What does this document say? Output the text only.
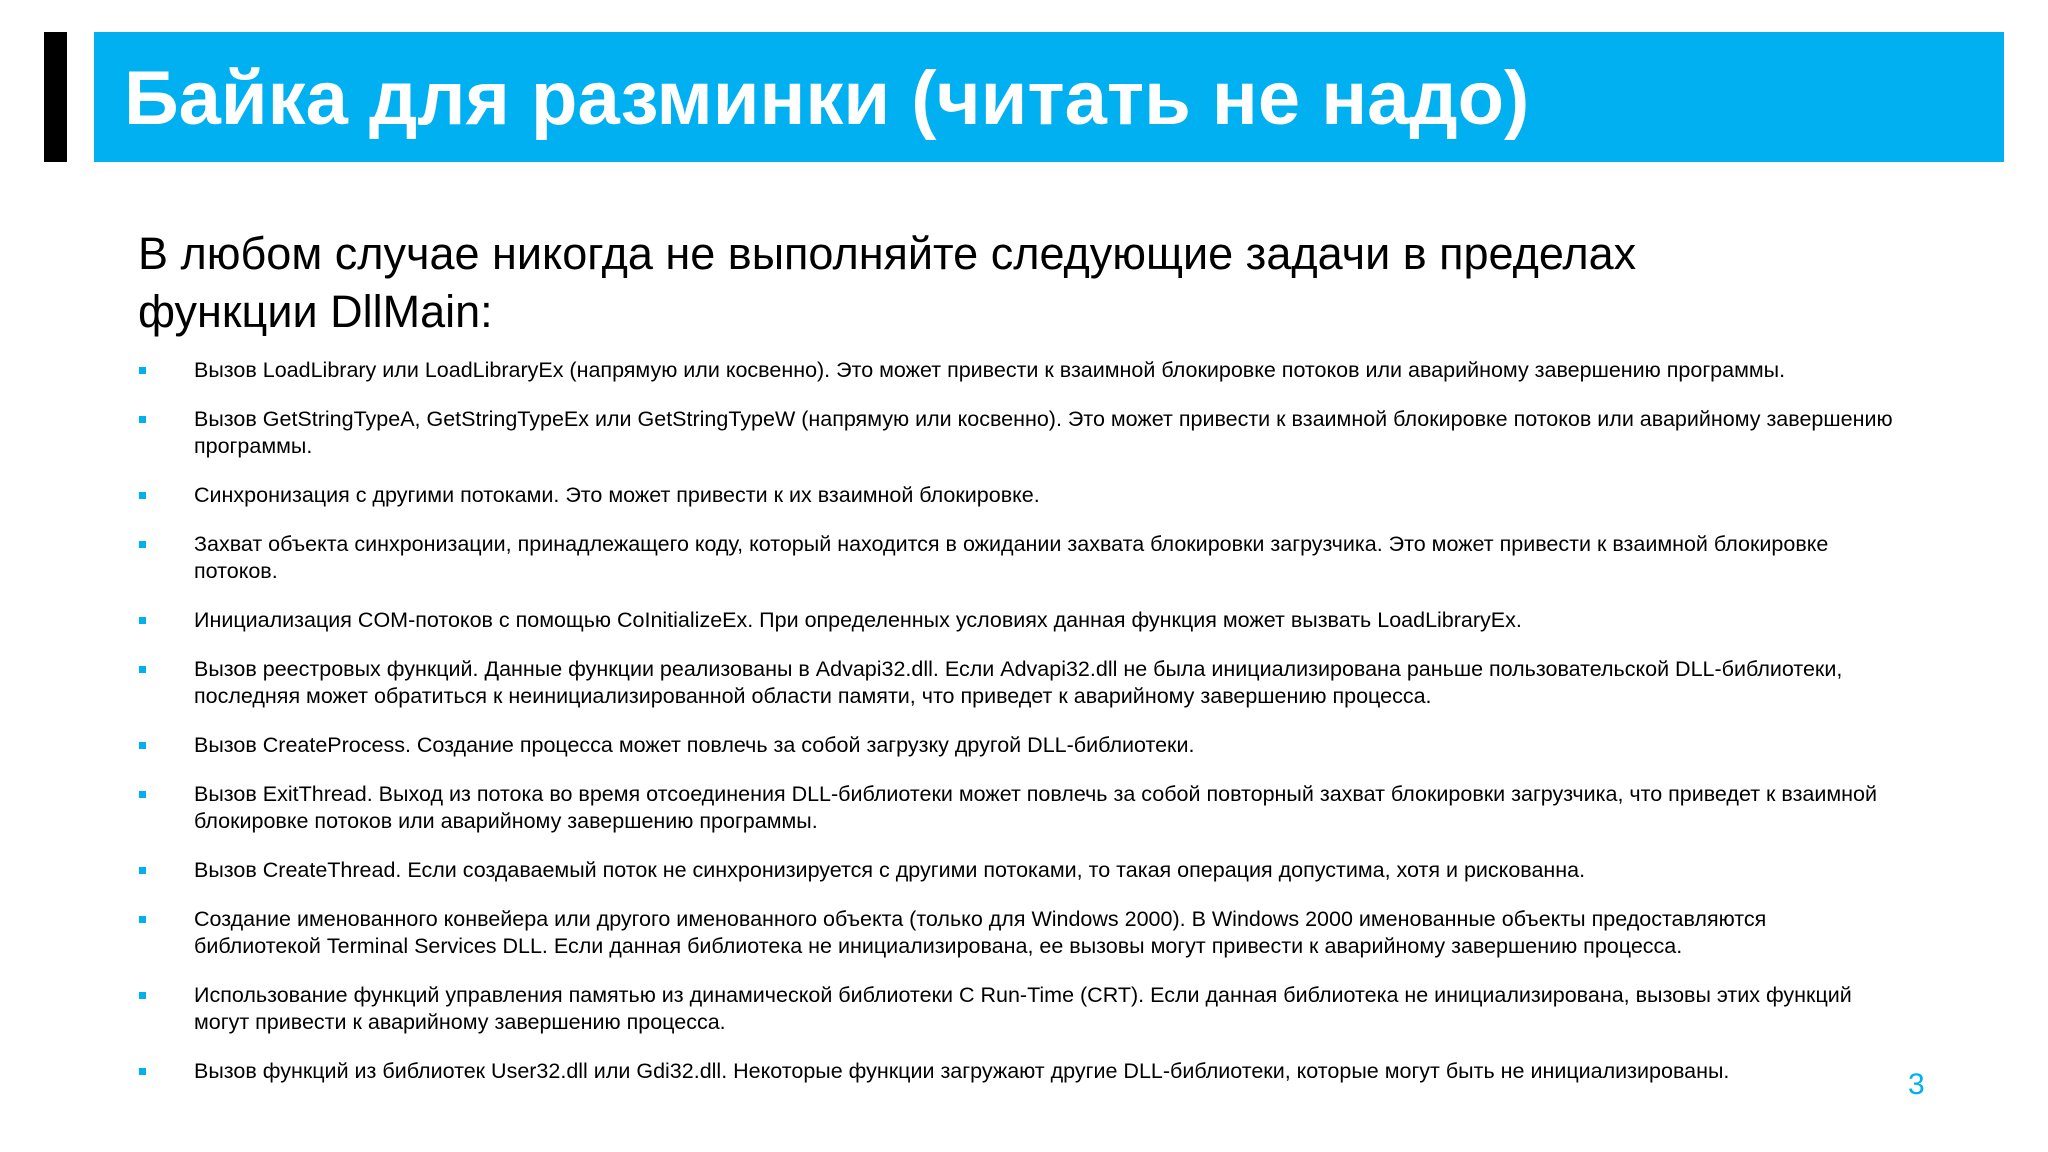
Байка для разминки (читать не надо)
В любом случае никогда не выполняйте следующие задачи в пределах функции DllMain:
Вызов LoadLibrary или LoadLibraryEx (напрямую или косвенно). Это может привести к взаимной блокировке потоков или аварийному завершению программы.
Вызов GetStringTypeA, GetStringTypeEx или GetStringTypeW (напрямую или косвенно). Это может привести к взаимной блокировке потоков или аварийному завершению программы.
Синхронизация с другими потоками. Это может привести к их взаимной блокировке.
Захват объекта синхронизации, принадлежащего коду, который находится в ожидании захвата блокировки загрузчика. Это может привести к взаимной блокировке потоков.
Инициализация COM-потоков с помощью CoInitializeEx. При определенных условиях данная функция может вызвать LoadLibraryEx.
Вызов реестровых функций. Данные функции реализованы в Advapi32.dll. Если Advapi32.dll не была инициализирована раньше пользовательской DLL-библиотеки, последняя может обратиться к неинициализированной области памяти, что приведет к аварийному завершению процесса.
Вызов CreateProcess. Создание процесса может повлечь за собой загрузку другой DLL-библиотеки.
Вызов ExitThread. Выход из потока во время отсоединения DLL-библиотеки может повлечь за собой повторный захват блокировки загрузчика, что приведет к взаимной блокировке потоков или аварийному завершению программы.
Вызов CreateThread. Если создаваемый поток не синхронизируется с другими потоками, то такая операция допустима, хотя и рискованна.
Создание именованного конвейера или другого именованного объекта (только для Windows 2000). В Windows 2000 именованные объекты предоставляются библиотекой Terminal Services DLL. Если данная библиотека не инициализирована, ее вызовы могут привести к аварийному завершению процесса.
Использование функций управления памятью из динамической библиотеки C Run-Time (CRT). Если данная библиотека не инициализирована, вызовы этих функций могут привести к аварийному завершению процесса.
Вызов функций из библиотек User32.dll или Gdi32.dll. Некоторые функции загружают другие DLL-библиотеки, которые могут быть не инициализированы.	3
